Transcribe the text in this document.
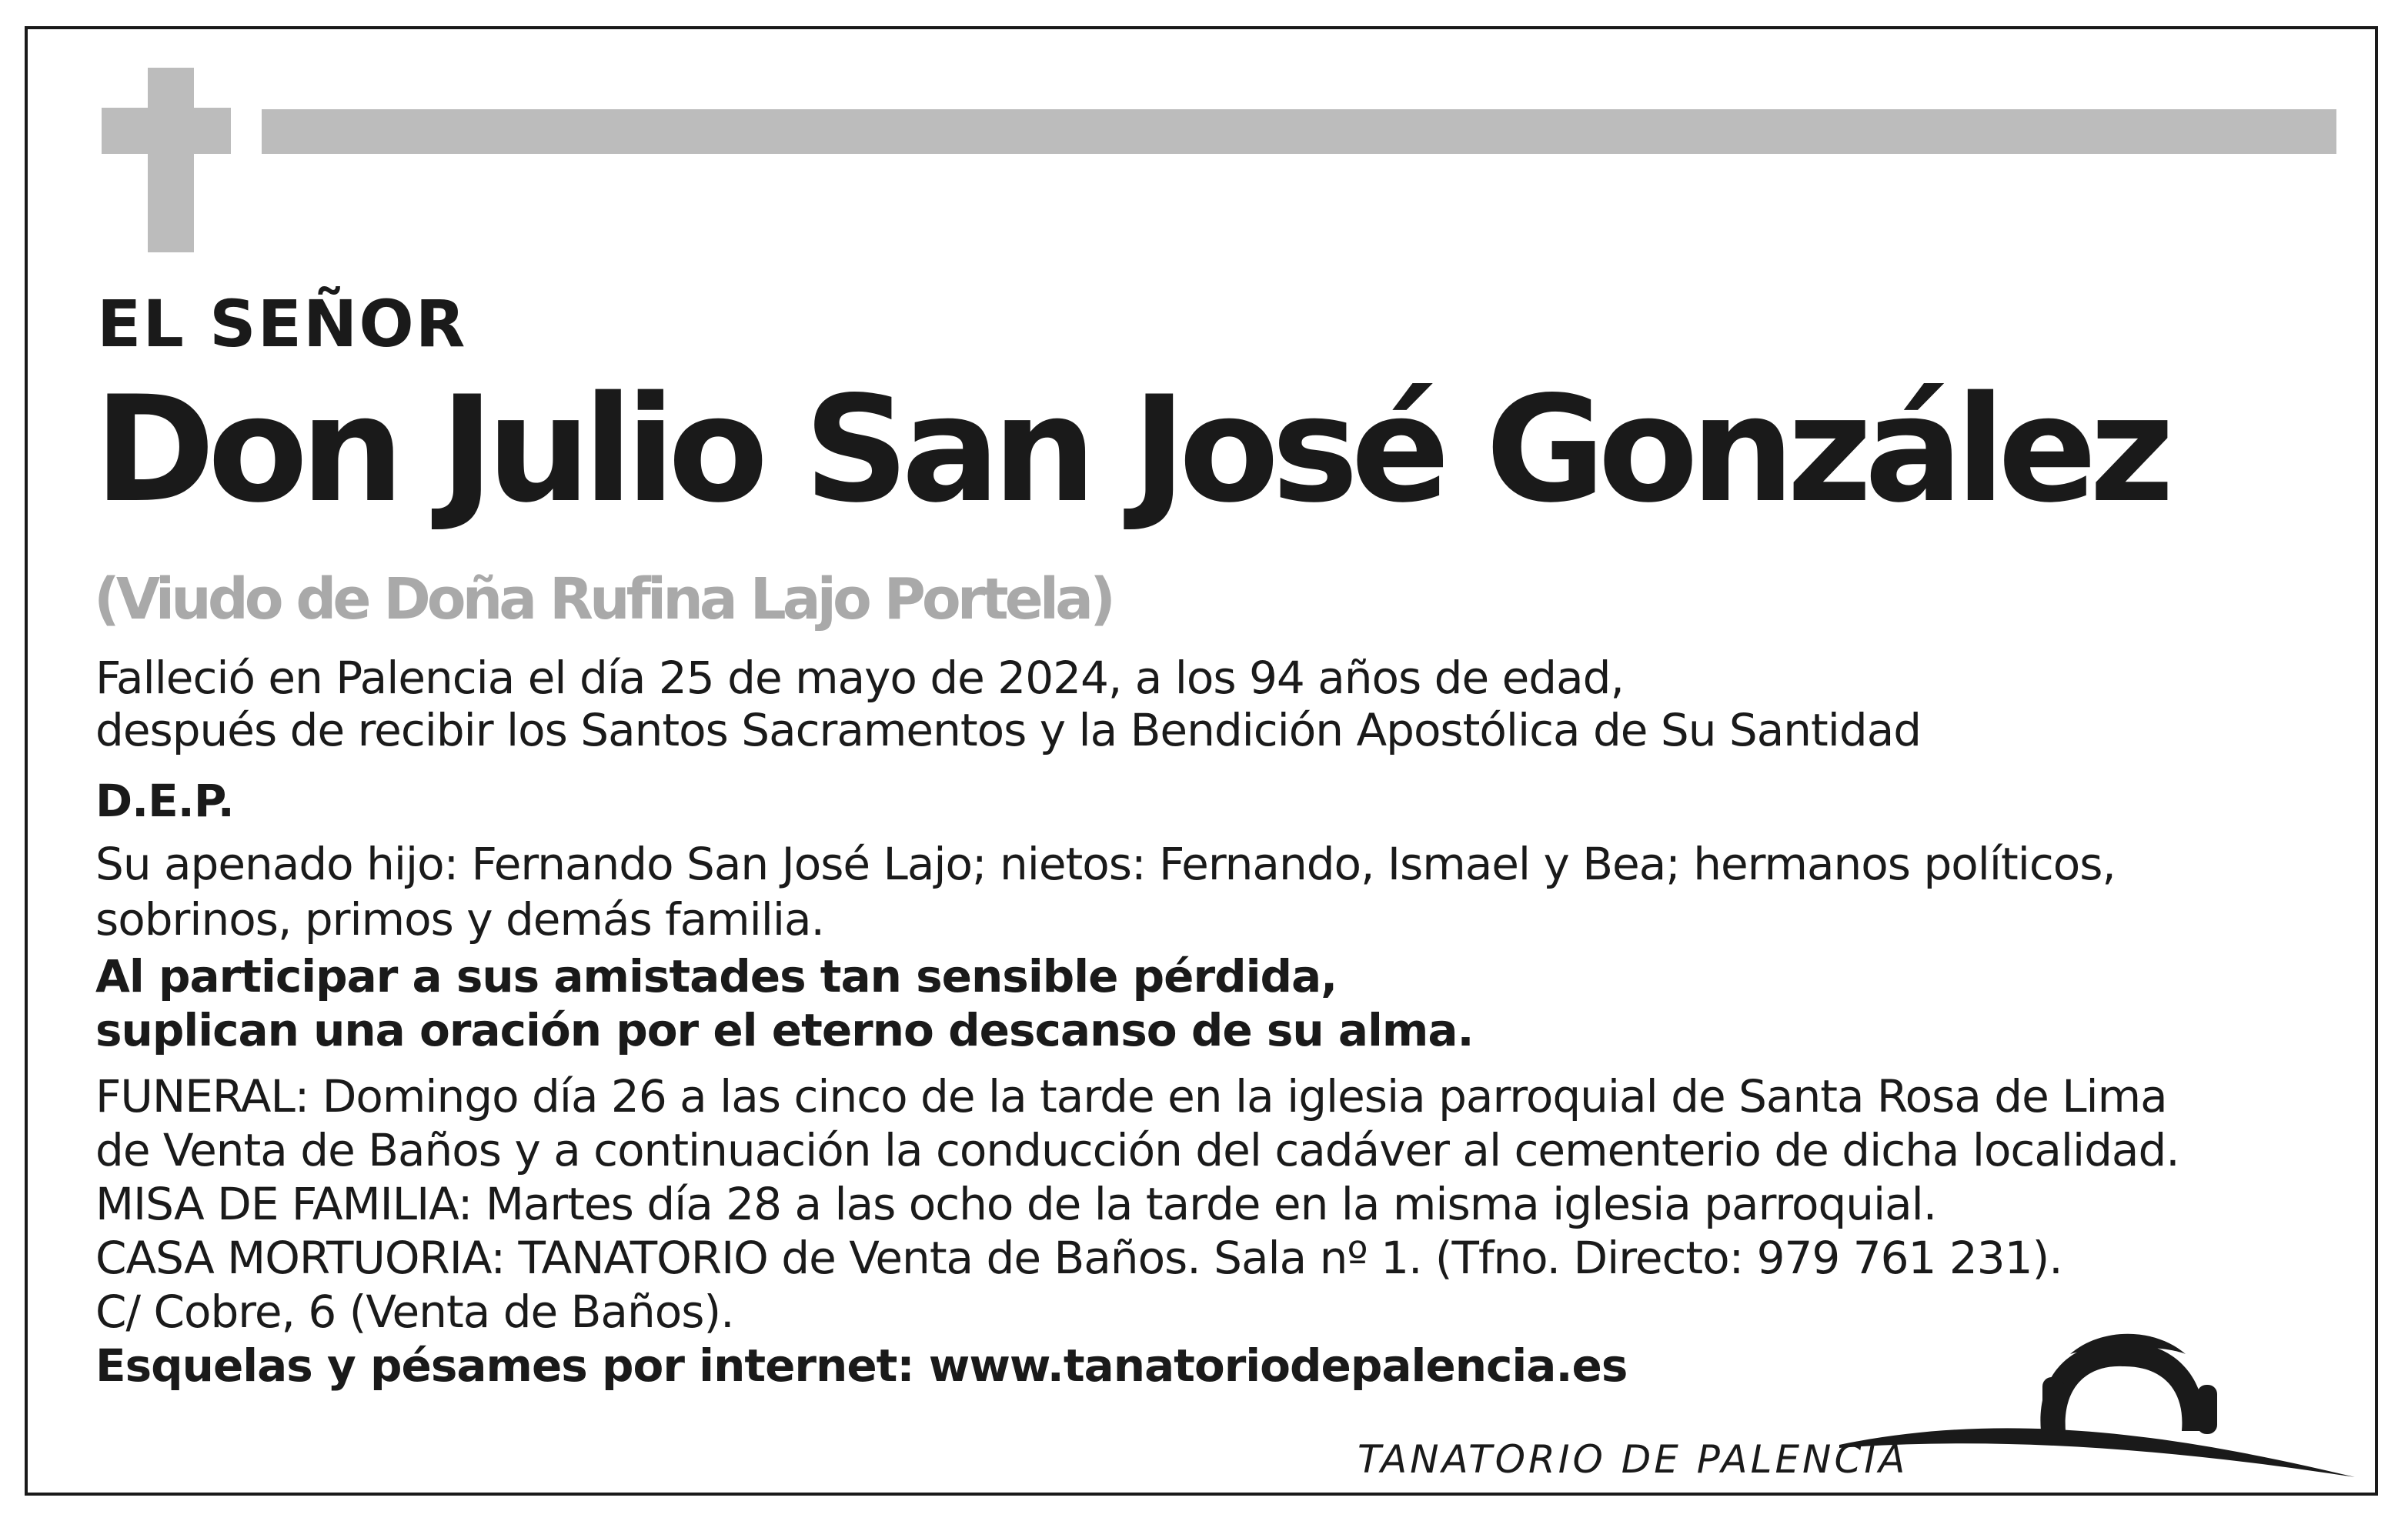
EL SEÑOR
Don Julio San José González
(Viudo de Doña Rufina Lajo Portela)
Falleció en Palencia el día 25 de mayo de 2024, a los 94 años de edad,
después de recibir los Santos Sacramentos y la Bendición Apostólica de Su Santidad
D.E.P.
Su apenado hijo: Fernando San José Lajo; nietos: Fernando, Ismael y Bea; hermanos políticos,
sobrinos, primos y demás familia.
Al participar a sus amistades tan sensible pérdida,
suplican una oración por el eterno descanso de su alma.
FUNERAL: Domingo día 26 a las cinco de la tarde en la iglesia parroquial de Santa Rosa de Lima
de Venta de Baños y a continuación la conducción del cadáver al cementerio de dicha localidad.
MISA DE FAMILIA: Martes día 28 a las ocho de la tarde en la misma iglesia parroquial.
CASA MORTUORIA: TANATORIO de Venta de Baños. Sala nº 1. (Tfno. Directo: 979 761 231).
C/ Cobre, 6 (Venta de Baños).
Esquelas y pésames por internet: www.tanatoriodepalencia.es
TANATORIO DE PALENCIA
